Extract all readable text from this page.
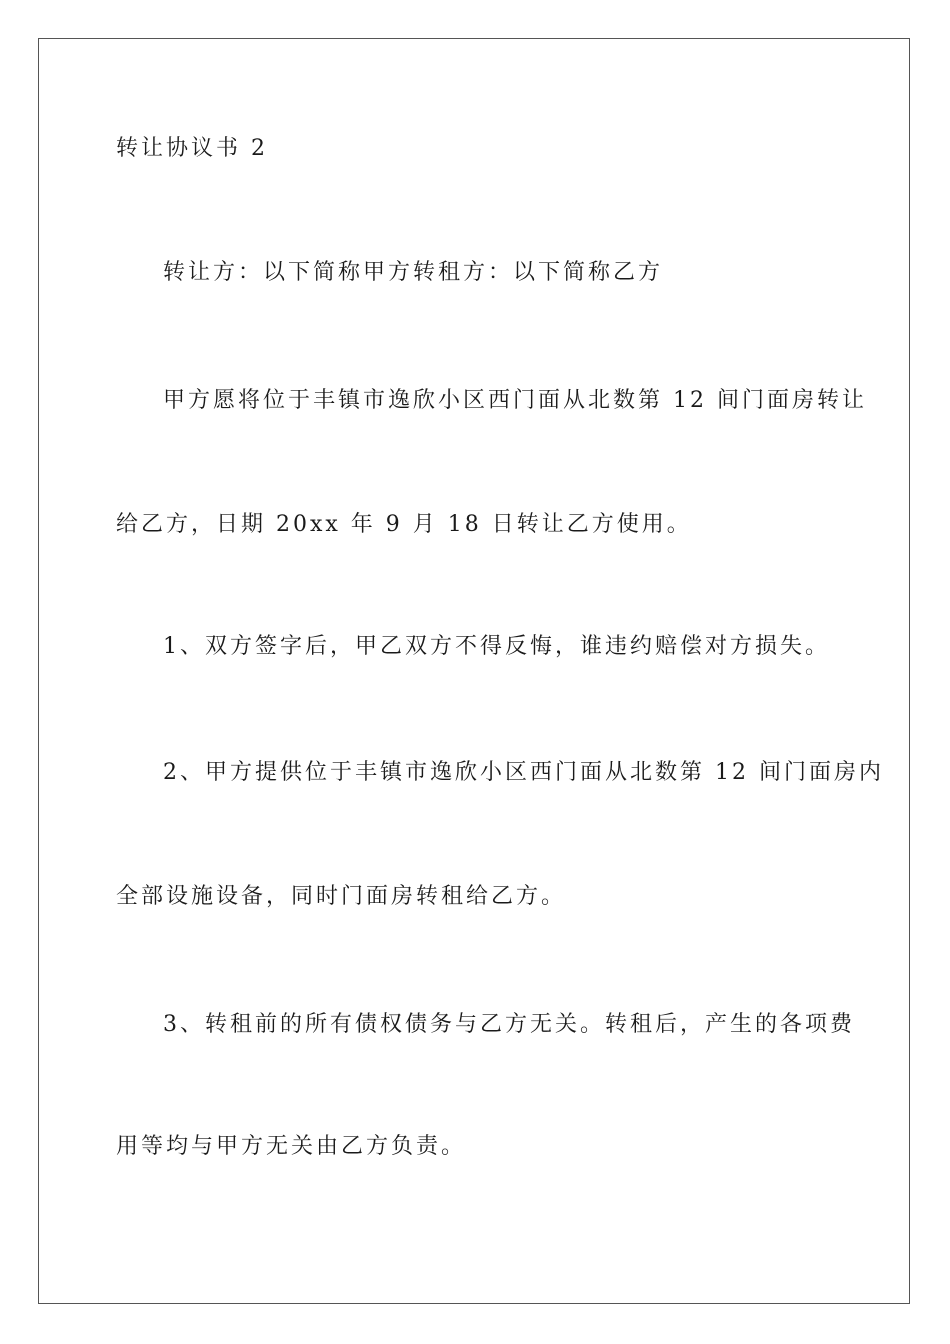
转让协议书 2
转让方：以下简称甲方转租方：以下简称乙方
甲方愿将位于丰镇市逸欣小区西门面从北数第 12 间门面房转让
给乙方，日期 20xx 年 9 月 18 日转让乙方使用。
1、双方签字后，甲乙双方不得反悔，谁违约赔偿对方损失。
2、甲方提供位于丰镇市逸欣小区西门面从北数第 12 间门面房内
全部设施设备，同时门面房转租给乙方。
3、转租前的所有债权债务与乙方无关。转租后，产生的各项费
用等均与甲方无关由乙方负责。
